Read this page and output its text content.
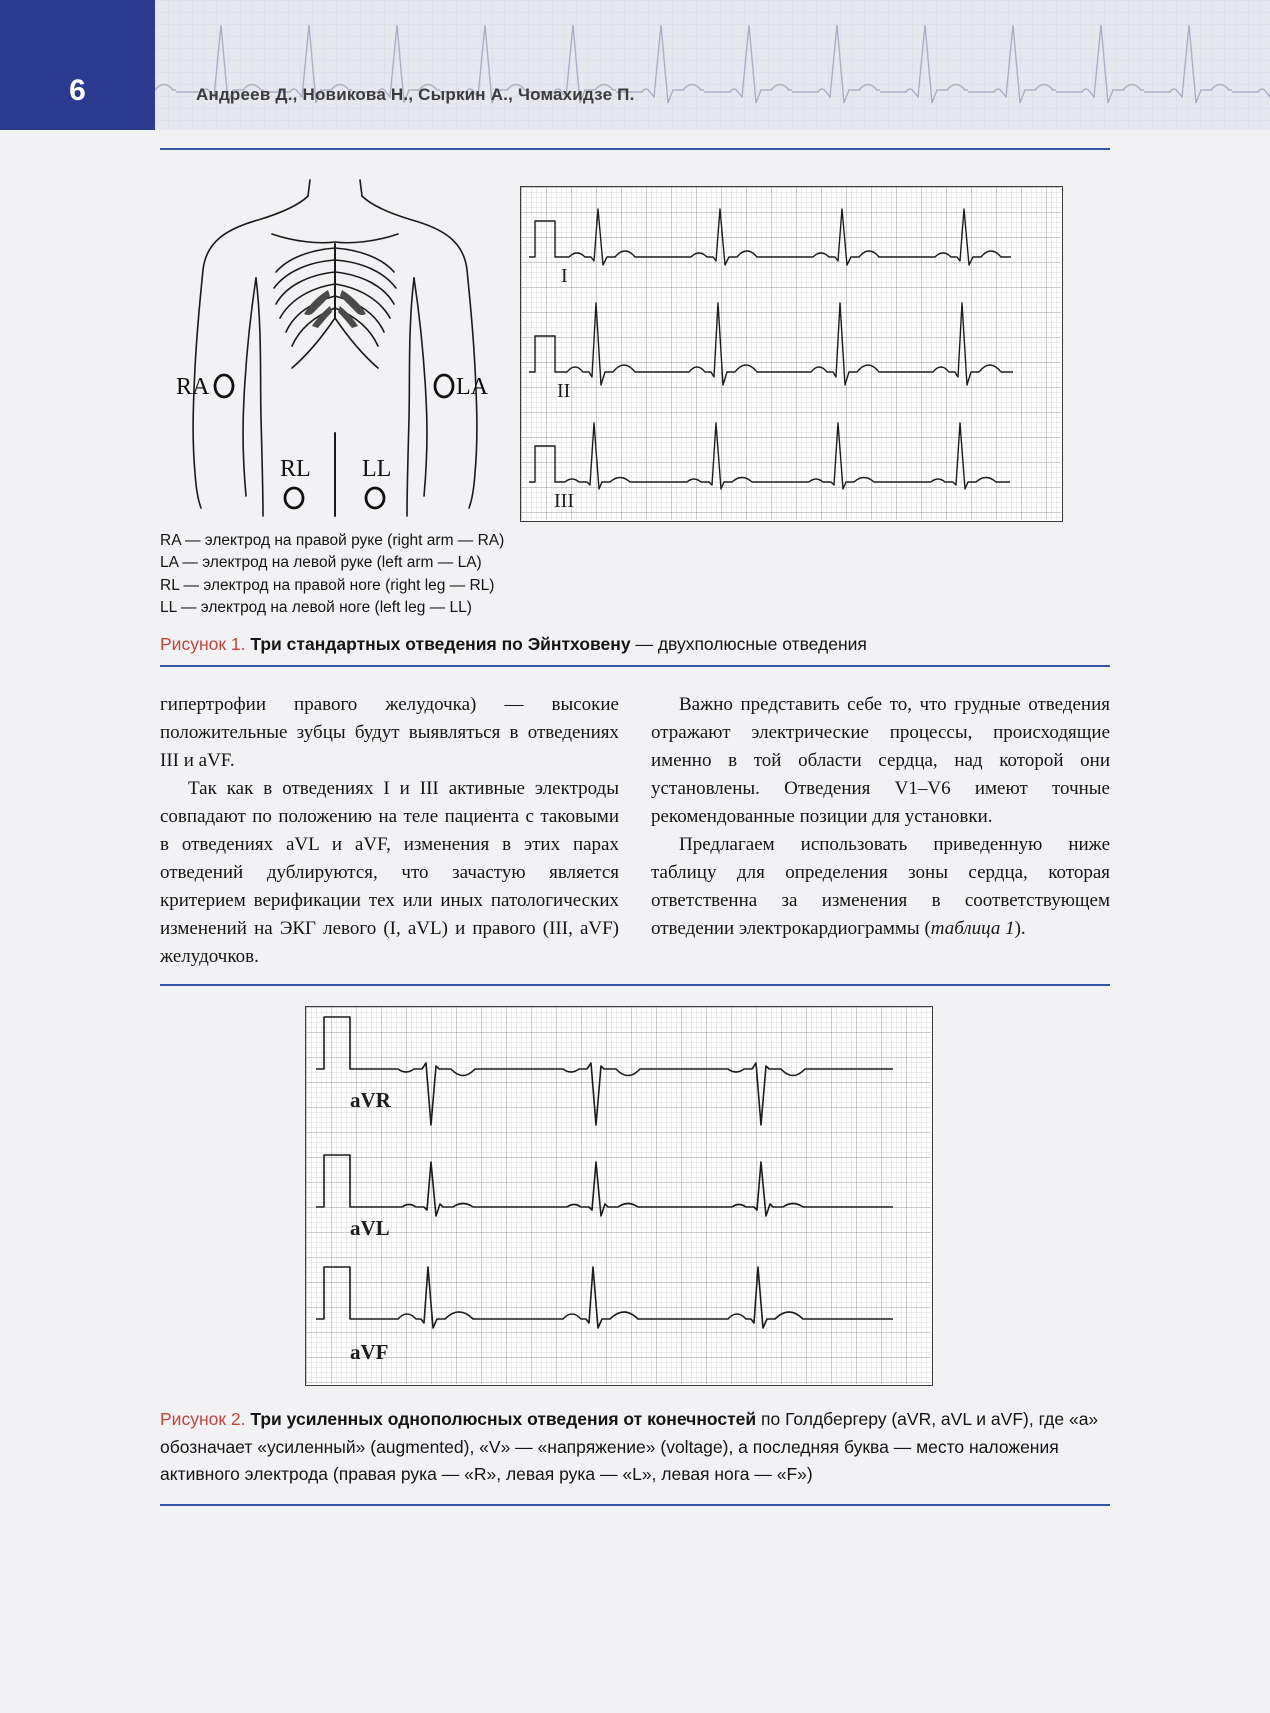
6	Андреев Д., Новикова Н., Сыркин А., Чомахидзе П.
RA	LA
RL LL
I
II
III
RA — электрод на правой руке (right arm — RA)
LA — электрод на левой руке (left arm — LA)
RL — электрод на правой ноге (right leg — RL)
LL — электрод на левой ноге (left leg — LL)

Рисунок 1. Три стандартных отведения по Эйнтховену — двухполюсные отведения

гипертрофии правого желудочка) — высокие положительные зубцы будут выявляться в отведениях III и aVF.

Так как в отведениях I и III активные электроды совпадают по положению на теле пациента с таковыми в отведениях aVL и aVF, изменения в этих парах отведений дублируются, что зачастую является критерием верификации тех или иных патологических изменений на ЭКГ левого (I, aVL) и правого (III, aVF) желудочков.

Важно представить себе то, что грудные отведения отражают электрические процессы, происходящие именно в той области сердца, над которой они установлены. Отведения V1–V6 имеют точные рекомендованные позиции для установки.

Предлагаем использовать приведенную ниже таблицу для определения зоны сердца, которая ответственна за изменения в соответствующем отведении электрокардиограммы (таблица 1).

aVR
aVL
aVF

Рисунок 2. Три усиленных однополюсных отведения от конечностей по Голдбергеру (aVR, aVL и aVF), где «а» обозначает «усиленный» (augmented), «V» — «напряжение» (voltage), а последняя буква — место наложения активного электрода (правая рука — «R», левая рука — «L», левая нога — «F»)
